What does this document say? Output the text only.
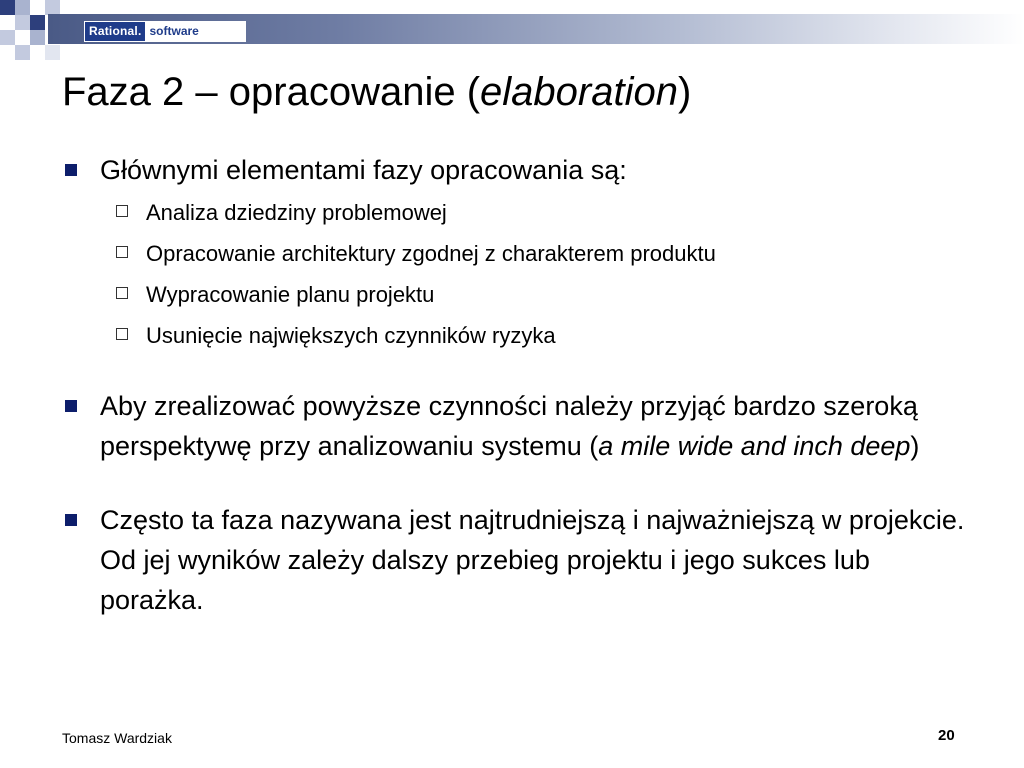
Rational. software
Faza 2 – opracowanie (elaboration)
Głównymi elementami fazy opracowania są:
Analiza dziedziny problemowej
Opracowanie architektury zgodnej z charakterem produktu
Wypracowanie planu projektu
Usunięcie największych czynników ryzyka
Aby zrealizować powyższe czynności należy przyjąć bardzo szeroką perspektywę przy analizowaniu systemu (a mile wide and inch deep)
Często ta faza nazywana jest najtrudniejszą i najważniejszą w projekcie. Od jej wyników zależy dalszy przebieg projektu i jego sukces lub porażka.
Tomasz Wardziak	20
